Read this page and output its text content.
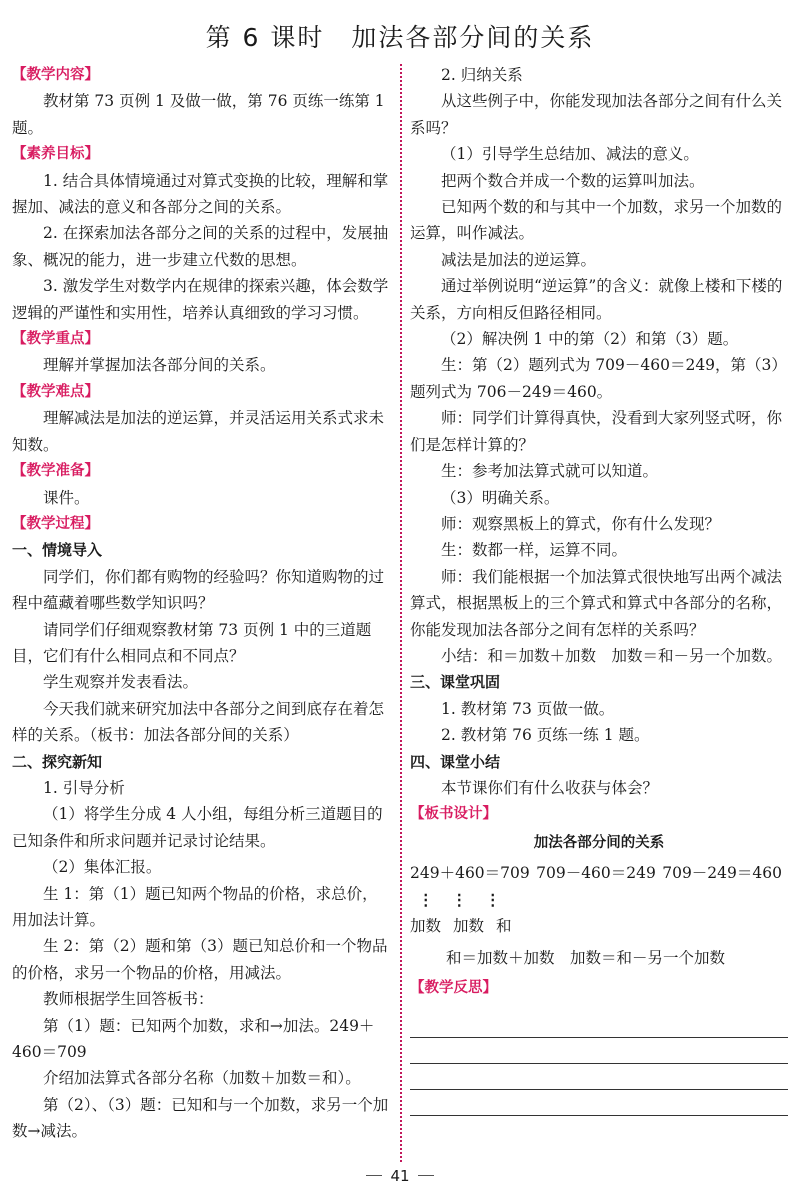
第 6 课时　加法各部分间的关系
【教学内容】
教材第 73 页例 1 及做一做，第 76 页练一练第 1 题。
【素养目标】
1. 结合具体情境通过对算式变换的比较，理解和掌握加、减法的意义和各部分之间的关系。
2. 在探索加法各部分之间的关系的过程中，发展抽象、概况的能力，进一步建立代数的思想。
3. 激发学生对数学内在规律的探索兴趣，体会数学逻辑的严谨性和实用性，培养认真细致的学习习惯。
【教学重点】
理解并掌握加法各部分间的关系。
【教学难点】
理解减法是加法的逆运算，并灵活运用关系式求未知数。
【教学准备】
课件。
【教学过程】
一、情境导入
同学们，你们都有购物的经验吗？你知道购物的过程中蕴藏着哪些数学知识吗？
请同学们仔细观察教材第 73 页例 1 中的三道题目，它们有什么相同点和不同点？
学生观察并发表看法。
今天我们就来研究加法中各部分之间到底存在着怎样的关系。（板书：加法各部分间的关系）
二、探究新知
1. 引导分析
（1）将学生分成 4 人小组，每组分析三道题目的已知条件和所求问题并记录讨论结果。
（2）集体汇报。
生 1：第（1）题已知两个物品的价格，求总价，用加法计算。
生 2：第（2）题和第（3）题已知总价和一个物品的价格，求另一个物品的价格，用减法。
教师根据学生回答板书：
第（1）题：已知两个加数，求和→加法。249＋460＝709
介绍加法算式各部分名称（加数＋加数＝和）。
第（2）、（3）题：已知和与一个加数，求另一个加数→减法。
2. 归纳关系
从这些例子中，你能发现加法各部分之间有什么关系吗？
（1）引导学生总结加、减法的意义。
把两个数合并成一个数的运算叫加法。
已知两个数的和与其中一个加数，求另一个加数的运算，叫作减法。
减法是加法的逆运算。
通过举例说明“逆运算”的含义：就像上楼和下楼的关系，方向相反但路径相同。
（2）解决例 1 中的第（2）和第（3）题。
生：第（2）题列式为 709－460＝249，第（3）题列式为 706－249＝460。
师：同学们计算得真快，没看到大家列竖式呀，你们是怎样计算的？
生：参考加法算式就可以知道。
（3）明确关系。
师：观察黑板上的算式，你有什么发现？
生：数都一样，运算不同。
师：我们能根据一个加法算式很快地写出两个减法算式，根据黑板上的三个算式和算式中各部分的名称，你能发现加法各部分之间有怎样的关系吗？
小结：和＝加数＋加数　加数＝和－另一个加数。
三、课堂巩固
1. 教材第 73 页做一做。
2. 教材第 76 页练一练 1 题。
四、课堂小结
本节课你们有什么收获与体会？
【板书设计】
加法各部分间的关系
249＋460＝709 709－460＝249 709－249＝460
⋮ ⋮ ⋮
加数 加数 和
和＝加数＋加数　加数＝和－另一个加数
【教学反思】
41
